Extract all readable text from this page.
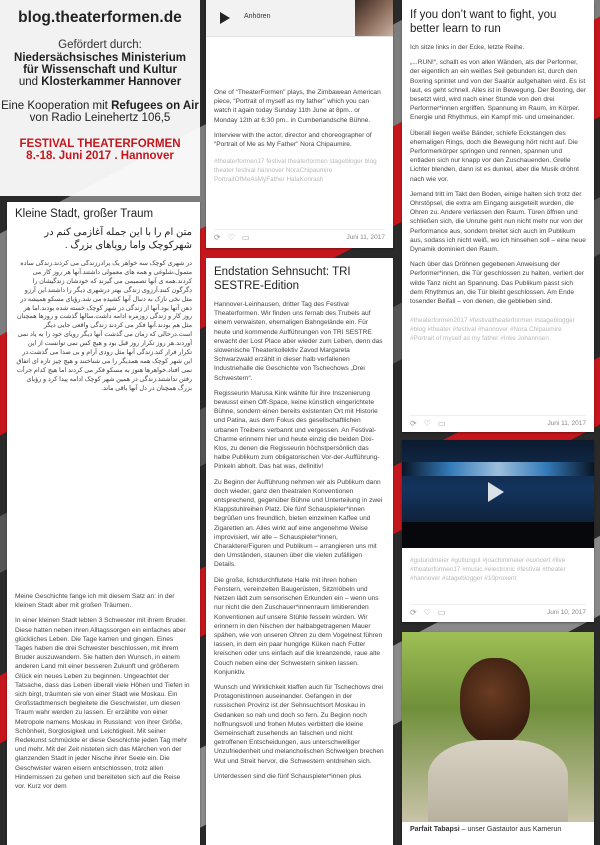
blog.theaterformen.de
Gefördert durch:
Niedersächsisches Ministerium
für Wissenschaft und Kultur
und Klosterkammer Hannover
Eine Kooperation mit Refugees on Air von Radio Leinehertz 106,5
FESTIVAL THEATERFORMEN
8.-18. Juni 2017 . Hannover
Kleine Stadt, großer Traum
متن ام را با این جمله آغازمی کنم در شهرکوچک واما رویاهای بزرگ .
در شهری کوچک سه خواهر یک برادرزندگی می کردند.زندگی ساده متمول،شلوغی و همه های معمولی داشتند.آنها هر روز کار می کردند.همه ی آنها تصمیمی می گیرند که خودشان زندگیشان را دگرگون کنند.آرزوی زندگی بهتر درشهری دیگر را داشتند.این آرزو مثل نخی نازک به دنبال آنها کشیده می شد.رؤیای مسکو همیشه در ذهن آنها بود.آنها از زندگی در شهر کوچک خسته شده بودند.اما هر روز کار و زندگی روزمره ادامه داشت.سالها گذشت و روزها همچنان مثل هم بودند.آنها فکر می کردند زندگی واقعی جایی دیگر است.درحالی که زمان می گذشت آنها دیگر رویای خود را به یاد نمی آوردند.هر روز تکرار روز قبل بود و هیچ کس نمی توانست از این تکرار فرار کند.زندگی آنها مثل رودی آرام و بی صدا می گذشت.در این شهر کوچک همه همدیگر را می شناختند و هیچ چیز تازه ای اتفاق نمی افتاد.خواهرها هنوز به مسکو فکر می کردند اما هیچ کدام جرأت رفتن نداشتند.زندگی در همین شهر کوچک ادامه پیدا کرد و رؤیای بزرگ همچنان در دل آنها باقی ماند.

Meine Geschichte fange ich mit diesem Satz an: in der kleinen Stadt aber mit großen Träumen.

In einer kleinen Stadt lebten 3 Schwester mit ihrem Bruder. Diese hatten neben ihren Alltagssorgen ein einfaches aber glückliches Leben. Die Tage kamen und gingen. Eines Tages haben die drei Schwester beschlossen, mit ihrem Bruder auszuwandern. Sie hatten den Wunsch, in einem anderen Land mit einer besseren Zukunft und größerem Glück ein neues Leben zu beginnen. Ungeachtet der Tatsache, dass das Leben überall viele Höhen und Tiefen in sich birgt, träumten sie von einer Stadt wie Moskau. Ein Großstadtmensch begleitete die Geschwister, um diesen Traum wahr werden zu lassen. Er erzählte von einer Metropole namens Moskau in Russland: von ihrer Größe, Schönheit, Sorglosigkeit und Leichtigkeit. Mit seiner Redekunst schmückte er diese Geschichte jeden Tag mehr und mehr. Mit der Zeit nisteten sich das Märchen von der glanzenden Stadt in jeder Nische ihrer Seele ein. Die Geschwister waren eisern entschlossen, trotz allen Hindernissen zu gehen und bereiteten sich auf die Reise vor. Kurz vor dem

Anhören

One of “TheaterFormen” plays, the Zimbawean American piece, “Portrait of myself as my father” which you can watch it again today Sunday 11th June at 8pm.. or Monday 12th at 6:30 pm.. in Cumberlandsche Bühne.

Interview with the actor, director and choreographer of “Portrait of Me as My Father” Nora Chipaumire.

#theaterformen17 festival theaterformen stagebloger blog theater festival hannover NoraChipaumire PortraitOfMeAsMyFather HalaKonrash
⟳ ♡ ▭	Juni 11, 2017
Endstation Sehnsucht: TRI SESTRE-Edition

Hannover-Leinhausen, dritter Tag des Festival Theaterformen. Wir finden uns fernab des Trubels auf einem verwaisten, ehemaligen Bahngelände ein. Für heute und kommende Aufführungen von TRI SESTRE erwacht der Lost Place aber wieder zum Leben, denn das slowenische Theaterkollektiv Zavod Margareta Schwarzwald erzählt in dieser halb verfallenen Industriehalle die Geschichte von Tschechows „Drei Schwestern“.

Regisseurin Marusa Kink wählte für ihre Inszenierung bewusst einen Off-Space, keine künstlich eingerichtete Bühne, sondern einen bereits existenten Ort mit Historie und Patina, aus dem Fokus des gesellschaftlichen urbanen Treibens verbannt und vergessen. An Festival-Charme erinnern hier und heute einzig die beiden Dixi-Klos, zu denen die Regisseurin höchstpersönlich das halbe Publikum zum obligatorischen Vor-der-Aufführung-Pinkeln abholt. Das hat was, definitiv!

Zu Beginn der Aufführung nehmen wir als Publikum dann doch wieder, ganz den theatralen Konventionen entsprechend, gegenüber Bühne und Unterteilung in zwei Klappstuhlreihen Platz. Die fünf Schauspieler*innen begrüßen uns freundlich, bieten einzelnen Kaffee und Zigaretten an. Alles wirkt auf eine angenehme Weise improvisiert, wir alle – Schauspieler*innen, Charaktere/Figuren und Publikum – arrangieren uns mit den Umständen, staunen über die vielen zufälligen Details.

Die große, lichtdurchflutete Halle mit ihren hohen Fenstern, vereinzelten Baugerüsten, Sitzmöbeln und Netzen lädt zum sensorischen Erkunden ein – wenn uns nur nicht die den Zuschauer*innenraum limitierenden Konventionen auf unsere Stühle fesseln würden. Wir erinnern in den Nischen der halbabgetragenen Mauer spähen, wie von unseren Ohren zu dem Vogelnest führen lassen, in dem ein paar hungrige Küken nach Futter kreischen oder uns einfach auf die kreanzende, raue alte Couch neben eine der Schwestern sinken lassen. Konjunktiv.

Wunsch und Wirklichkeit klaffen auch für Tschechows drei Protagonistinnen auseinander. Gefangen in der russischen Provinz ist der Sehnsuchtsort Moskau in Gedanken so nah und doch so fern. Zu Beginn noch hoffnungsvoll und frohen Mutes verbittert die kleine Gemeinschaft zusehends an falschen und nicht getroffenen Entscheidungen, aus unterschwelliger Unzufriedenheit und melancholischen Schwelgen brechen Wut und Streit hervor, die Schwestern entdrehen sich.

Unterdessen sind die fünf Schauspieler*innen plus

If you don’t want to fight, you better learn to run

Ich sitze links in der Ecke, letzte Reihe.

„...RUN!“, schallt es von allen Wänden, als der Performer, der eigentlich an ein weißes Seil gebunden ist, durch den Boxring sprintet und von der Saaltür aufgehalten wird. Es ist laut, es geht schnell. Alles ist in Bewegung. Der Boxring, der besetzt wird, wird nach einer Stunde von den drei Performer*innen ergriffen. Spannung im Raum, im Körper. Energie und Rhythmus, ein Kampf mit- und umeinander.

Überall liegen weiße Bänder, schiefe Eckstangen des ehemaligen Rings, doch die Bewegung hört nicht auf. Die Performerkörper springen und rennen, spannen und entladen sich nur knapp vor den Zuschauenden. Grelle Lichter blenden, dann ist es dunkel, aber die Musik dröhnt nach wie vor.

Jemand tritt im Takt den Boden, einige halten sich trotz der Ohrstöpsel, die extra am Eingang ausgeteilt wurden, die Ohren zu. Andere verlassen den Raum. Türen öffnen und schließen sich, die Unruhe geht nun nicht mehr nur von der Performance aus, sondern breitet sich auch im Publikum aus, sodass ich nicht weiß, wo ich hinsehen soll – eine neue Dynamik dominiert den Raum.

Nach über das Dröhnen gegebenen Anweisung der Performer*innen, die Tür geschlossen zu halten, verliert der wilde Tanz nicht an Spannung. Das Publikum passt sich dem Rhythmus an, die Tür bleibt geschlossen. Am Ende tosender Beifall – von denen, die geblieben sind.

#theaterformen2017 #festivaltheaterformen #stageblogger #blog #theater #festival #hannover #Nora Chipaumire #Portrait of myself as my father #Inke Johannsen
⟳ ♡ ▭	Juni 11, 2017
#gutundmeier #gutlungut #joachimmeier #concert #live #theaterformen17 #music #electronic #festival #theater #hannover #stageblogger #10proxent
⟳ ♡ ▭	Juni 10, 2017
Parfait Tabapsi – unser Gastautor aus Kamerun
